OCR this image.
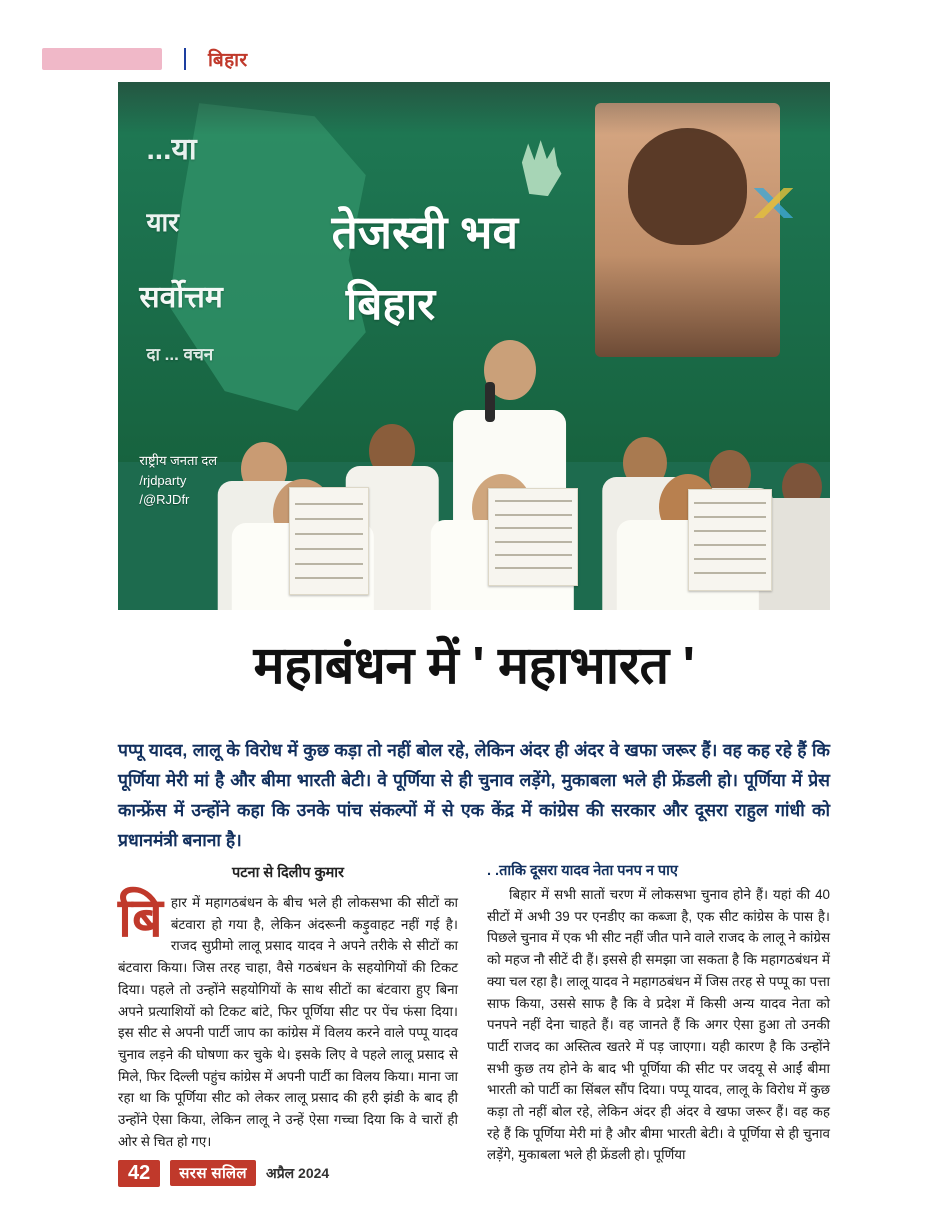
बिहार
...या
यार
सर्वोत्तम
दा ... वचन
तेजस्वी भव
बिहार
राष्ट्रीय जनता दल
/rjdparty
/@RJDfr
महाबंधन में ' महाभारत '
पप्पू यादव, लालू के विरोध में कुछ कड़ा तो नहीं बोल रहे, लेकिन अंदर ही अंदर वे खफा जरूर हैं। वह कह रहे हैं कि पूर्णिया मेरी मां है और बीमा भारती बेटी। वे पूर्णिया से ही चुनाव लड़ेंगे, मुकाबला भले ही फ्रेंडली हो। पूर्णिया में प्रेस कान्फ्रेंस में उन्होंने कहा कि उनके पांच संकल्पों में से एक केंद्र में कांग्रेस की सरकार और दूसरा राहुल गांधी को प्रधानमंत्री बनाना है।
पटना से दिलीप कुमार
बि हार में महागठबंधन के बीच भले ही लोकसभा की सीटों का बंटवारा हो गया है, लेकिन अंदरूनी कड़ुवाहट नहीं गई है। राजद सुप्रीमो लालू प्रसाद यादव ने अपने तरीके से सीटों का बंटवारा किया। जिस तरह चाहा, वैसे गठबंधन के सहयोगियों की टिकट दिया। पहले तो उन्होंने सहयोगियों के साथ सीटों का बंटवारा हुए बिना अपने प्रत्याशियों को टिकट बांटे, फिर पूर्णिया सीट पर पेंच फंसा दिया। इस सीट से अपनी पार्टी जाप का कांग्रेस में विलय करने वाले पप्पू यादव चुनाव लड़ने की घोषणा कर चुके थे। इसके लिए वे पहले लालू प्रसाद से मिले, फिर दिल्ली पहुंच कांग्रेस में अपनी पार्टी का विलय किया। माना जा रहा था कि पूर्णिया सीट को लेकर लालू प्रसाद की हरी झंडी के बाद ही उन्होंने ऐसा किया, लेकिन लालू ने उन्हें ऐसा गच्चा दिया कि वे चारों ही ओर से चित हो गए।

. .ताकि दूसरा यादव नेता पनप न पाए

बिहार में सभी सातों चरण में लोकसभा चुनाव होने हैं। यहां की 40 सीटों में अभी 39 पर एनडीए का कब्जा है, एक सीट कांग्रेस के पास है। पिछले चुनाव में एक भी सीट नहीं जीत पाने वाले राजद के लालू ने कांग्रेस को महज नौ सीटें दी हैं। इससे ही समझा जा सकता है कि महागठबंधन में क्या चल रहा है। लालू यादव ने महागठबंधन में जिस तरह से पप्पू का पत्ता साफ किया, उससे साफ है कि वे प्रदेश में किसी अन्य यादव नेता को पनपने नहीं देना चाहते हैं। वह जानते हैं कि अगर ऐसा हुआ तो उनकी पार्टी राजद का अस्तित्व खतरे में पड़ जाएगा। यही कारण है कि उन्होंने सभी कुछ तय होने के बाद भी पूर्णिया की सीट पर जदयू से आईं बीमा भारती को पार्टी का सिंबल सौंप दिया। पप्पू यादव, लालू के विरोध में कुछ कड़ा तो नहीं बोल रहे, लेकिन अंदर ही अंदर वे खफा जरूर हैं। वह कह रहे हैं कि पूर्णिया मेरी मां है और बीमा भारती बेटी। वे पूर्णिया से ही चुनाव लड़ेंगे, मुकाबला भले ही फ्रेंडली हो। पूर्णिया

42	सरस सलिल	अप्रैल 2024
